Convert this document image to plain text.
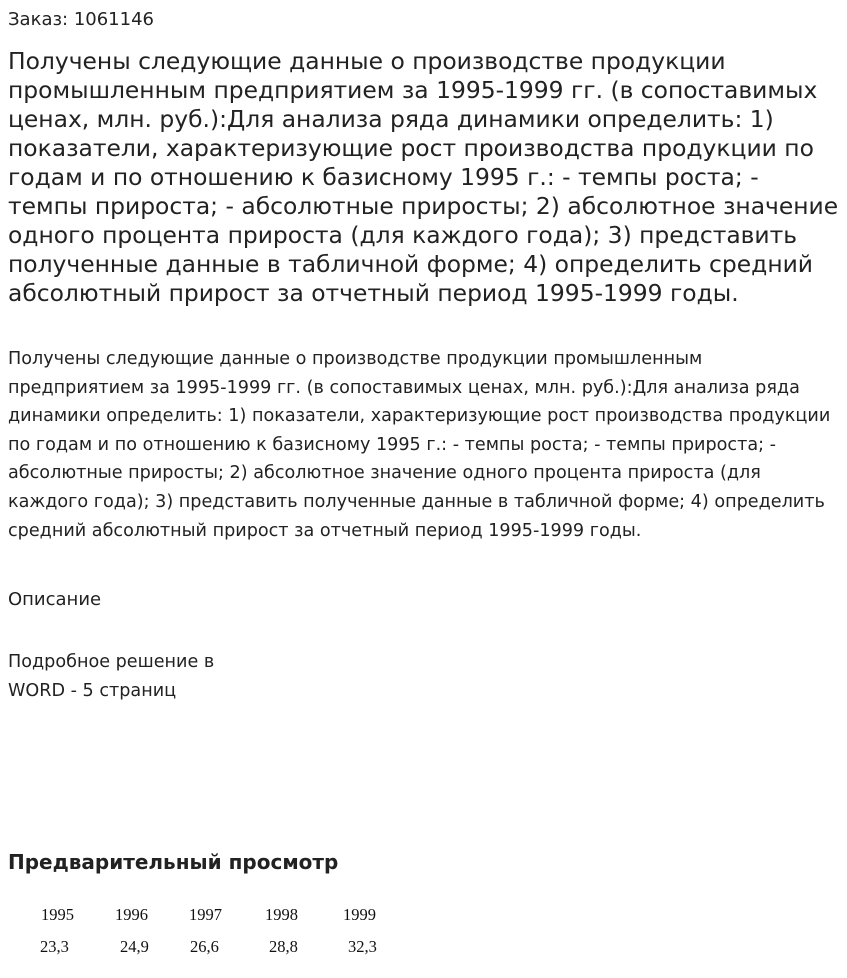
Заказ: 1061146
Получены следующие данные о производстве продукции промышленным предприятием за 1995-1999 гг. (в сопоставимых ценах, млн. руб.):Для анализа ряда динамики определить: 1) показатели, характеризующие рост производства продукции по годам и по отношению к базисному 1995 г.: - темпы роста; - темпы прироста; - абсолютные приросты; 2) абсолютное значение одного процента прироста (для каждого года); 3) представить полученные данные в табличной форме; 4) определить средний абсолютный прирост за отчетный период 1995-1999 годы.

Получены следующие данные о производстве продукции промышленным предприятием за 1995-1999 гг. (в сопоставимых ценах, млн. руб.):Для анализа ряда динамики определить: 1) показатели, характеризующие рост производства продукции по годам и по отношению к базисному 1995 г.: - темпы роста; - темпы прироста; - абсолютные приросты; 2) абсолютное значение одного процента прироста (для каждого года); 3) представить полученные данные в табличной форме; 4) определить средний абсолютный прирост за отчетный период 1995-1999 годы.

Описание
Подробное решение в WORD - 5 страниц
Предварительный просмотр
1995 1996 1997	1998	1999
23,3	24,9 26,6	28,8	32,3
